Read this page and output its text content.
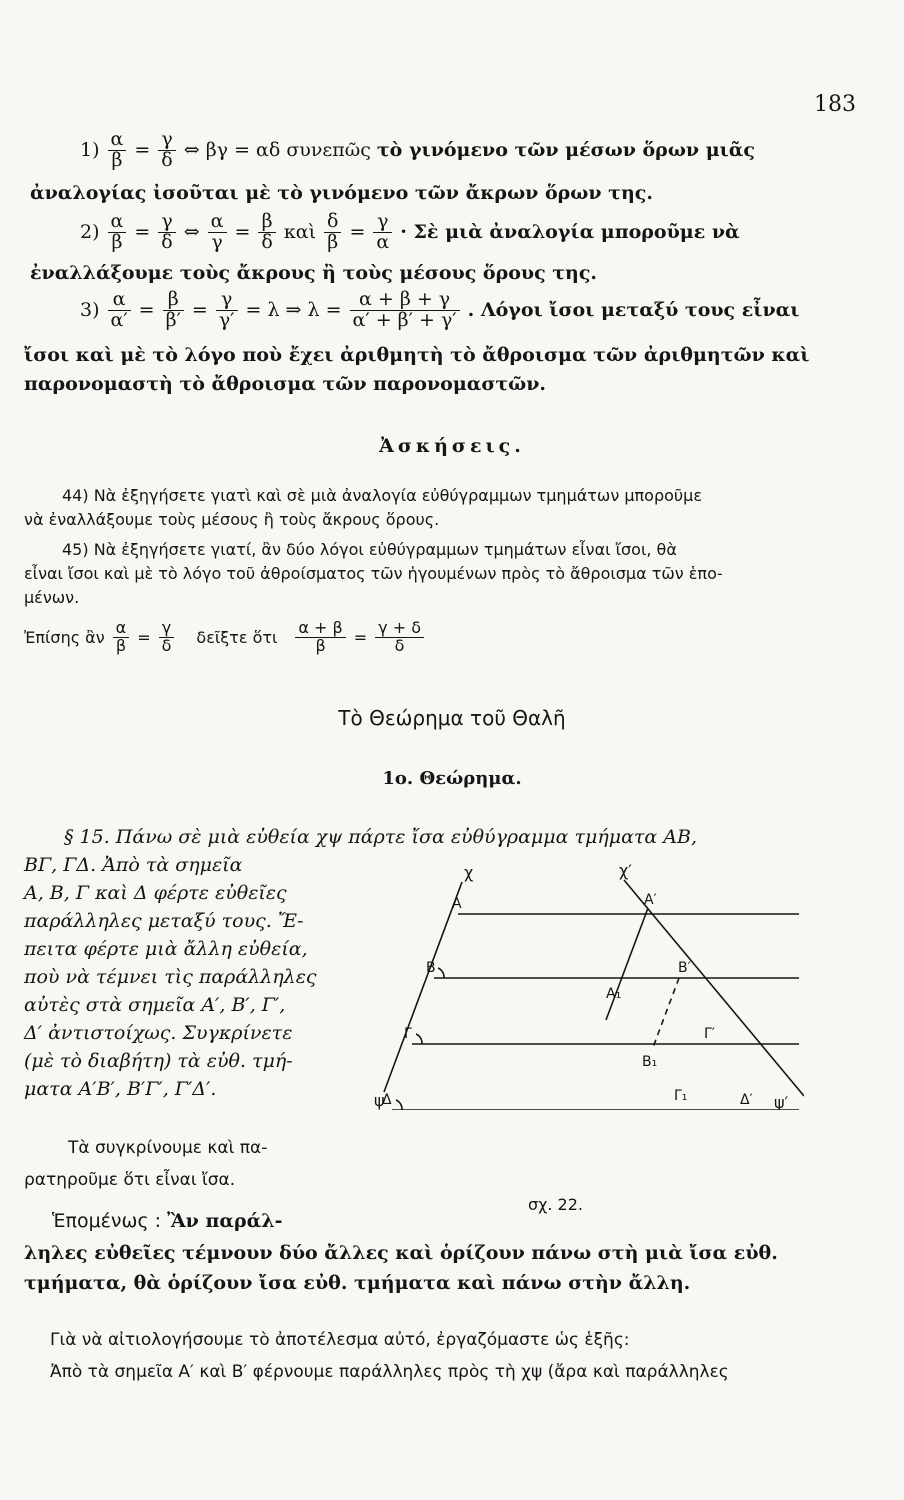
183
$1) \frac{\alpha}{\beta} = \frac{\gamma}{\delta}$ ⇔ βγ = αδ συνεπῶς τὸ γινόμενο τῶν μέσων ὅρων μιᾶς
ἀναλογίας ἰσοῦται μὲ τὸ γινόμενο τῶν ἄκρων ὅρων της.
$2) \frac{\alpha}{\beta} = \frac{\gamma}{\delta}$ ⇔ $\frac{\alpha}{\gamma} = \frac{\beta}{\delta}$ καὶ $\frac{\delta}{\beta} = \frac{\gamma}{\alpha}$ · Σὲ μιὰ ἀναλογία μποροῦμε νὰ
ἐναλλάξουμε τοὺς ἄκρους ἢ τοὺς μέσους ὅρους της.
$3) \frac{\alpha}{\alpha'} = \frac{\beta}{\beta'} = \frac{\gamma}{\gamma'} = \lambda$ ⇒ $\lambda = \frac{\alpha + \beta + \gamma}{\alpha' + \beta' + \gamma'}$ . Λόγοι ἴσοι μεταξύ τους εἶναι
ἴσοι καὶ μὲ τὸ λόγο ποὺ ἔχει ἀριθμητὴ τὸ ἄθροισμα τῶν ἀριθμητῶν καὶ
παρονομαστὴ τὸ ἄθροισμα τῶν παρονομαστῶν.
Ἀσκήσεις.
44) Νὰ ἐξηγήσετε γιατὶ καὶ σὲ μιὰ ἀναλογία εὐθύγραμμων τμημάτων μποροῦμε
νὰ ἐναλλάξουμε τοὺς μέσους ἢ τοὺς ἄκρους ὅρους.
45) Νὰ ἐξηγήσετε γιατί, ἂν δύο λόγοι εὐθύγραμμων τμημάτων εἶναι ἴσοι, θὰ
εἶναι ἴσοι καὶ μὲ τὸ λόγο τοῦ ἀθροίσματος τῶν ἡγουμένων πρὸς τὸ ἄθροισμα τῶν ἑπο-
μένων.
Ἐπίσης ἂν $\frac{\alpha}{\beta} = \frac{\gamma}{\delta}$ δεῖξτε ὅτι $\frac{\alpha + \beta}{\beta} = \frac{\gamma + \delta}{\delta}$
Τὸ Θεώρημα τοῦ Θαλῆ
1ο. Θεώρημα.
§ 15. Πάνω σὲ μιὰ εὐθεία χψ πάρτε ἴσα εὐθύγραμμα τμήματα ΑΒ,
ΒΓ, ΓΔ. Ἀπὸ τὰ σημεῖα
Α, Β, Γ καὶ Δ φέρτε εὐθεῖες
παράλληλες μεταξύ τους. Ἔ-
πειτα φέρτε μιὰ ἄλλη εὐθεία,
ποὺ νὰ τέμνει τὶς παράλληλες
αὐτὲς στὰ σημεῖα Α′, Β′, Γ′,
Δ′ ἀντιστοίχως. Συγκρίνετε
(μὲ τὸ διαβήτη) τὰ εὐθ. τμή-
ματα Α′Β′, Β′Γ′, Γ′Δ′.
Τὰ συγκρίνουμε καὶ πα-
ρατηροῦμε ὅτι εἶναι ἴσα.
χ
ψ
χ′
ψ′
Α
Β
Γ
Δ
Α′
Β′
Γ′
Δ′
Α₁
Β₁
Γ₁
σχ. 22.
Ἑπομένως : Ἂν παράλ-
ληλες εὐθεῖες τέμνουν δύο ἄλλες καὶ ὁρίζουν πάνω στὴ μιὰ ἴσα εὐθ.
τμήματα, θὰ ὁρίζουν ἴσα εὐθ. τμήματα καὶ πάνω στὴν ἄλλη.
Γιὰ νὰ αἰτιολογήσουμε τὸ ἀποτέλεσμα αὐτό, ἐργαζόμαστε ὡς ἑξῆς:
Ἀπὸ τὰ σημεῖα Α′ καὶ Β′ φέρνουμε παράλληλες πρὸς τὴ χψ (ἄρα καὶ παράλληλες
